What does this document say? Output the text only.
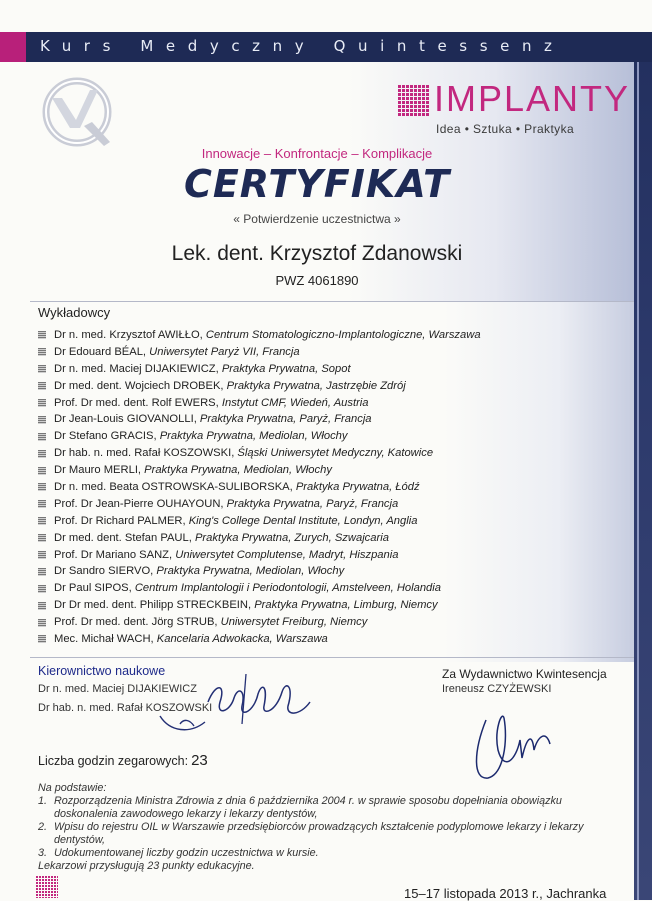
Kurs Medyczny Quintessenz
IMPLANTY
Idea • Sztuka • Praktyka
Innowacje – Konfrontacje – Komplikacje
CERTYFIKAT
« Potwierdzenie uczestnictwa »
Lek. dent. Krzysztof Zdanowski
PWZ 4061890
Wykładowcy
Dr n. med. Krzysztof AWIŁŁO,
Centrum Stomatologiczno-Implantologiczne, Warszawa
Dr Edouard BÉAL,
Uniwersytet Paryż VII, Francja
Dr n. med. Maciej DIJAKIEWICZ,
Praktyka Prywatna, Sopot
Dr med. dent. Wojciech DROBEK,
Praktyka Prywatna, Jastrzębie Zdrój
Prof. Dr med. dent. Rolf EWERS,
Instytut CMF, Wiedeń, Austria
Dr Jean-Louis GIOVANOLLI,
Praktyka Prywatna, Paryż, Francja
Dr Stefano GRACIS,
Praktyka Prywatna, Mediolan, Włochy
Dr hab. n. med. Rafał KOSZOWSKI,
Śląski Uniwersytet Medyczny, Katowice
Dr Mauro MERLI,
Praktyka Prywatna, Mediolan, Włochy
Dr n. med. Beata OSTROWSKA-SULIBORSKA,
Praktyka Prywatna, Łódź
Prof. Dr Jean-Pierre OUHAYOUN,
Praktyka Prywatna, Paryż, Francja
Prof. Dr Richard PALMER,
King's College Dental Institute, Londyn, Anglia
Dr med. dent. Stefan PAUL,
Praktyka Prywatna, Zurych, Szwajcaria
Prof. Dr Mariano SANZ,
Uniwersytet Complutense, Madryt, Hiszpania
Dr Sandro SIERVO,
Praktyka Prywatna, Mediolan, Włochy
Dr Paul SIPOS,
Centrum Implantologii i Periodontologii, Amstelveen, Holandia
Dr Dr med. dent. Philipp STRECKBEIN,
Praktyka Prywatna, Limburg, Niemcy
Prof. Dr med. dent. Jörg STRUB,
Uniwersytet Freiburg, Niemcy
Mec. Michał WACH,
Kancelaria Adwokacka, Warszawa
Kierownictwo naukowe
Dr n. med. Maciej DIJAKIEWICZ
Dr hab. n. med. Rafał KOSZOWSKI
Za Wydawnictwo Kwintesencja
Ireneusz CZYŻEWSKI
Liczba godzin zegarowych: 23

Na podstawie:

1. Rozporządzenia Ministra Zdrowia z dnia 6 października 2004 r. w sprawie sposobu dopełniania obowiązku doskonalenia zawodowego lekarzy i lekarzy dentystów,
2. Wpisu do rejestru OIL w Warszawie przedsiębiorców prowadzących kształcenie podyplomowe lekarzy i lekarzy dentystów,
3. Udokumentowanej liczby godzin uczestnictwa w kursie.

Lekarzowi przysługują 23 punkty edukacyjne.

15–17 listopada 2013 r., Jachranka
